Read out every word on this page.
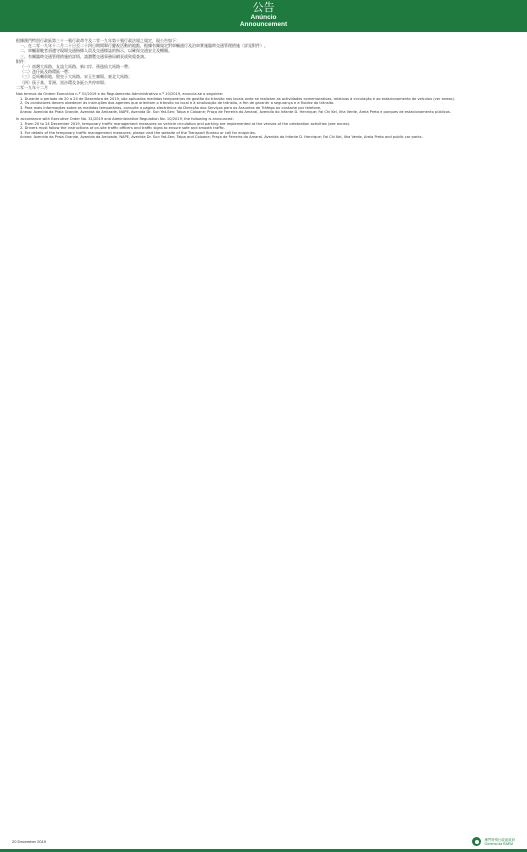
公告
Anúncio
Announcement

根據澳門特別行政區第三十一號行政命令及二零一九年第十號行政法規之規定，現公告如下：

一、在二零一九年十二月二十日至二十四日期間舉行慶祝活動的地點，根據有關規定對車輛通行及泊車實施臨時交通管理措施（詳見附件）。

二、車輛駕駛者須遵守現場交通指揮人員及交通標誌的指示，以確保交通安全及暢順。

三、有關臨時交通管理措施的詳情，請瀏覽交通事務局網頁或致電查詢。

附件：

（一）南灣大馬路、友誼大馬路、新口岸、孫逸仙大馬路一帶；

（二）氹仔區及路環區一帶；

（三）亞馬喇前地、殷皇子大馬路、宋玉生廣場、東北大馬路；

（四）筷子基、青洲、黑沙環及各區公共停車場；

二零一九年十二月

Nos termos da Ordem Executiva n.º 31/2019 e do Regulamento Administrativo n.º 10/2019, anuncia-se o seguinte:

1. Durante o período de 20 a 24 de Dezembro de 2019, são aplicadas medidas temporárias de gestão do trânsito nos locais onde se realizam as actividades comemorativas, relativas à circulação e ao estacionamento de veículos (ver anexo).

2. Os condutores devem obedecer às instruções dos agentes que orientam o trânsito no local e à sinalização de trânsito, a fim de garantir a segurança e a fluidez do trânsito.

3. Para mais informações sobre as medidas temporárias, consulte a página electrónica da Direcção dos Serviços para os Assuntos de Tráfego ou contacte por telefone.

Anexo: Avenida da Praia Grande, Avenida da Amizade, NAPE, Avenida Dr. Sun Yat-Sen; Taipa e Coloane; Praça de Ferreira do Amaral, Avenida do Infante D. Henrique; Fai Chi Kei, Ilha Verde, Areia Preta e parques de estacionamento públicos.

In accordance with Executive Order No. 31/2019 and Administrative Regulation No. 10/2019, the following is announced:

1. From 20 to 24 December 2019, temporary traffic management measures on vehicle circulation and parking are implemented at the venues of the celebration activities (see annex).

2. Drivers must follow the instructions of on-site traffic officers and traffic signs to ensure safe and smooth traffic.

3. For details of the temporary traffic management measures, please visit the website of the Transport Bureau or call for enquiries.

Annex: Avenida da Praia Grande, Avenida da Amizade, NAPE, Avenida Dr. Sun Yat-Sen; Taipa and Coloane; Praça de Ferreira do Amaral, Avenida do Infante D. Henrique; Fai Chi Kei, Ilha Verde, Areia Preta and public car parks.

20 December 2019	澳門特別行政區政府
Governo da RAEM
